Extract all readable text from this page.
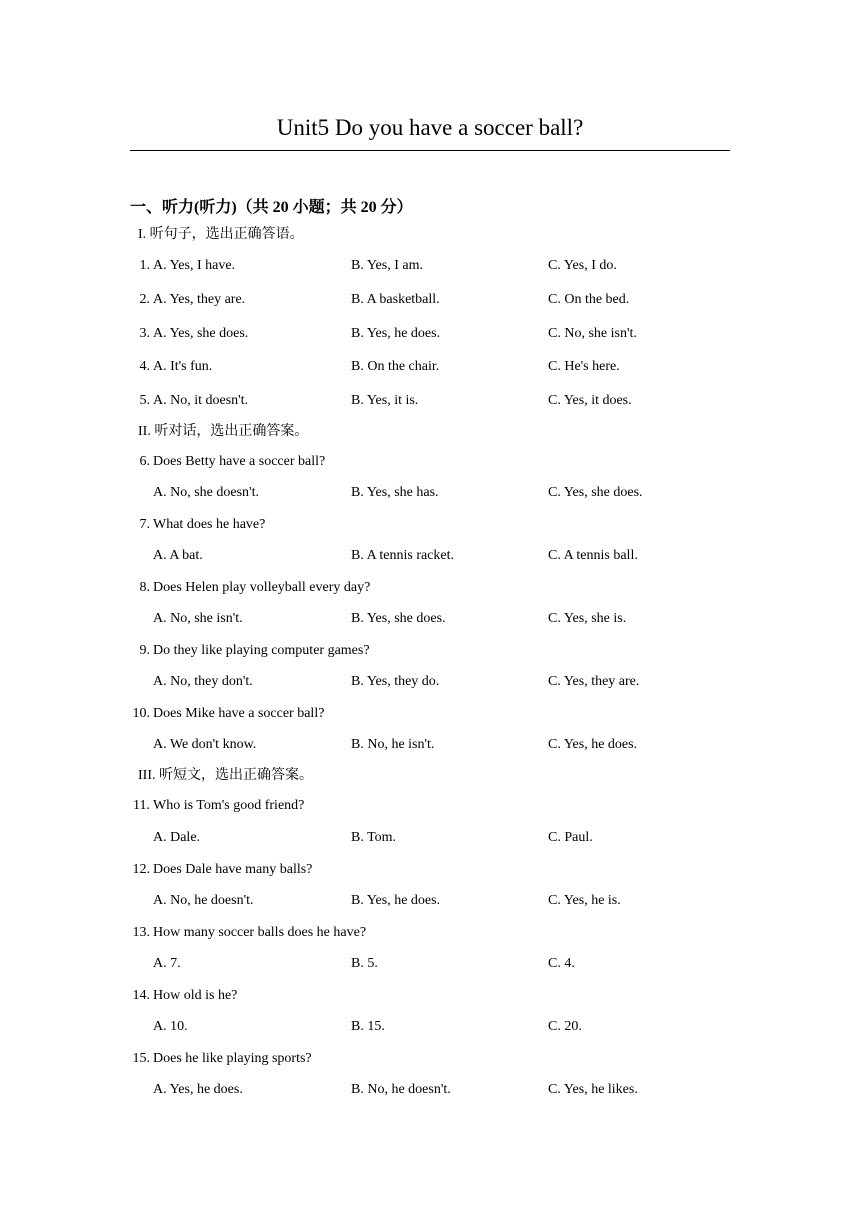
Unit5 Do you have a soccer ball?
一、听力(听力)（共 20 小题；共 20 分）
I. 听句子，选出正确答语。
1. A. Yes, I have.	B. Yes, I am.	C. Yes, I do.
2. A. Yes, they are.	B. A basketball.	C. On the bed.
3. A. Yes, she does.	B. Yes, he does.	C. No, she isn't.
4. A. It's fun.	B. On the chair.	C. He's here.
5. A. No, it doesn't.	B. Yes, it is.	C. Yes, it does.
II. 听对话，选出正确答案。
6. Does Betty have a soccer ball?
A. No, she doesn't.	B. Yes, she has.	C. Yes, she does.
7. What does he have?
A. A bat.	B. A tennis racket.	C. A tennis ball.
8. Does Helen play volleyball every day?
A. No, she isn't.	B. Yes, she does.	C. Yes, she is.
9. Do they like playing computer games?
A. No, they don't.	B. Yes, they do.	C. Yes, they are.
10. Does Mike have a soccer ball?
A. We don't know.	B. No, he isn't.	C. Yes, he does.
III. 听短文，选出正确答案。
11. Who is Tom's good friend?
A. Dale.	B. Tom.	C. Paul.
12. Does Dale have many balls?
A. No, he doesn't.	B. Yes, he does.	C. Yes, he is.
13. How many soccer balls does he have?
A. 7.	B. 5.	C. 4.
14. How old is he?
A. 10.	B. 15.	C. 20.
15. Does he like playing sports?
A. Yes, he does.	B. No, he doesn't.	C. Yes, he likes.
